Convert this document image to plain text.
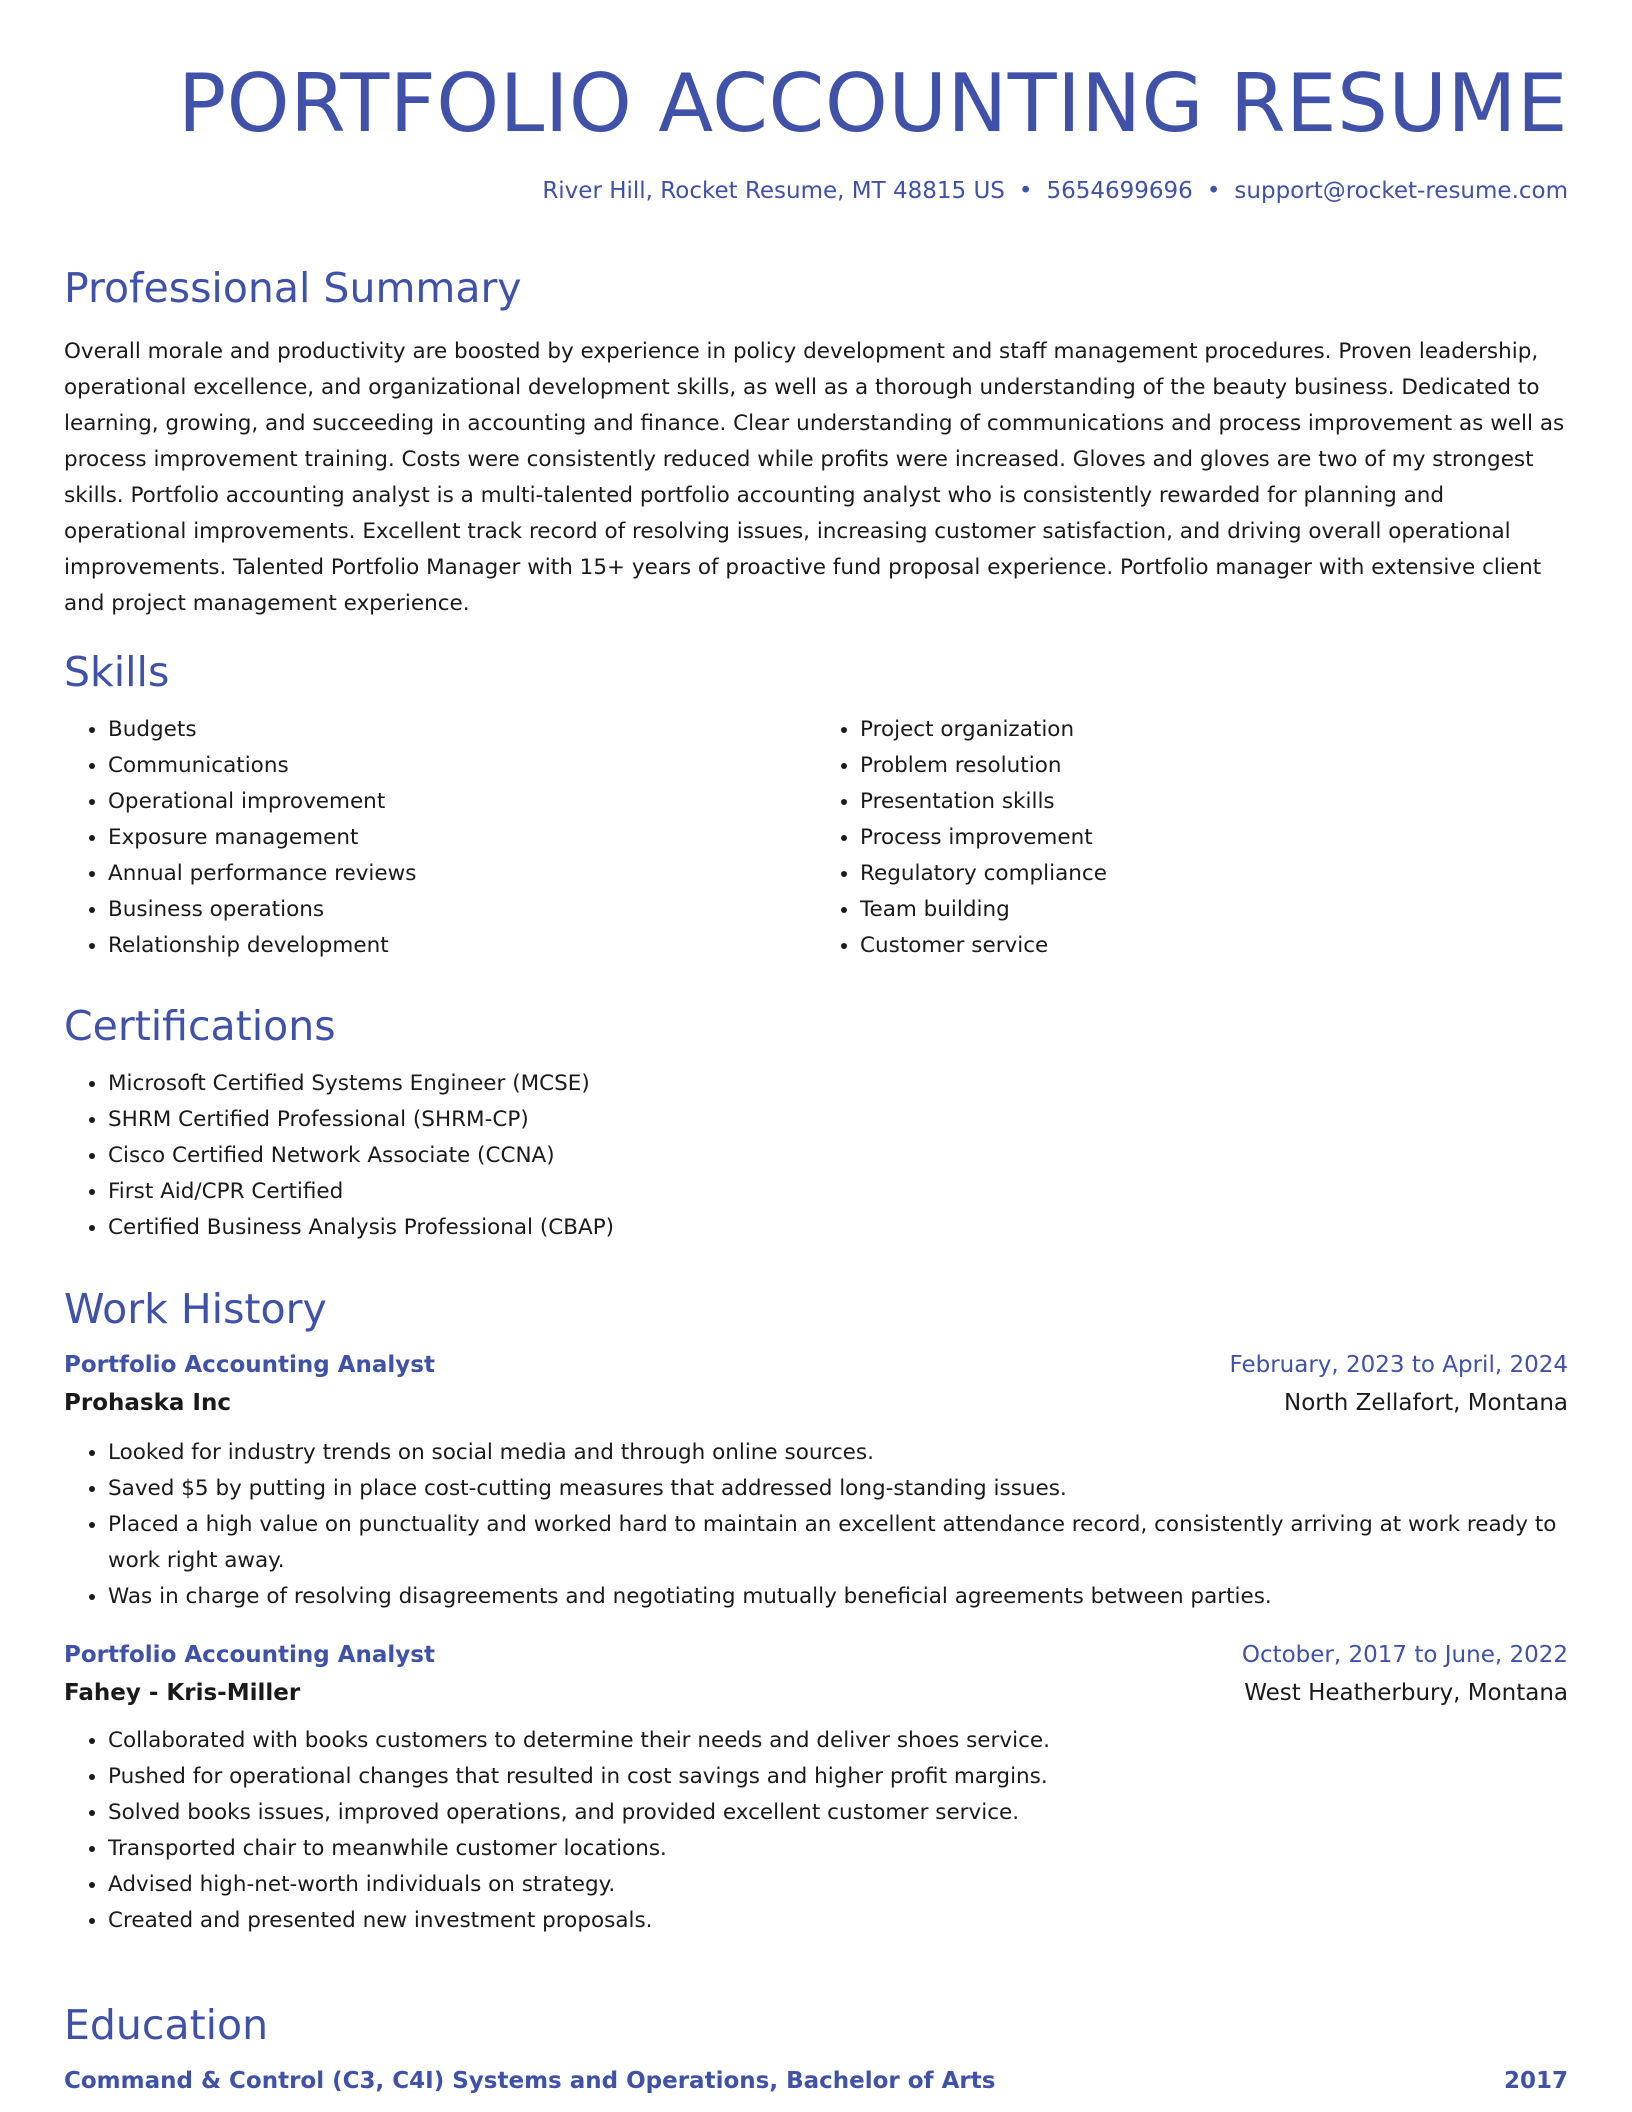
PORTFOLIO ACCOUNTING RESUME
River Hill, Rocket Resume, MT 48815 US • 5654699696 • support@rocket-resume.com
Professional Summary

Overall morale and productivity are boosted by experience in policy development and staff management procedures. Proven leadership, operational excellence, and organizational development skills, as well as a thorough understanding of the beauty business. Dedicated to learning, growing, and succeeding in accounting and finance. Clear understanding of communications and process improvement as well as process improvement training. Costs were consistently reduced while profits were increased. Gloves and gloves are two of my strongest skills. Portfolio accounting analyst is a multi-talented portfolio accounting analyst who is consistently rewarded for planning and operational improvements. Excellent track record of resolving issues, increasing customer satisfaction, and driving overall operational improvements. Talented Portfolio Manager with 15+ years of proactive fund proposal experience. Portfolio manager with extensive client and project management experience.

Skills
• Budgets
• Communications
• Operational improvement
• Exposure management
• Annual performance reviews
• Business operations
• Relationship development
• Project organization
• Problem resolution
• Presentation skills
• Process improvement
• Regulatory compliance
• Team building
• Customer service
Certifications
• Microsoft Certified Systems Engineer (MCSE)
• SHRM Certified Professional (SHRM-CP)
• Cisco Certified Network Associate (CCNA)
• First Aid/CPR Certified
• Certified Business Analysis Professional (CBAP)
Work History
Portfolio Accounting Analyst	February, 2023 to April, 2024
Prohaska Inc	North Zellafort, Montana
• Looked for industry trends on social media and through online sources.
• Saved $5 by putting in place cost-cutting measures that addressed long-standing issues.
• Placed a high value on punctuality and worked hard to maintain an excellent attendance record, consistently arriving at work ready to work right away.
• Was in charge of resolving disagreements and negotiating mutually beneficial agreements between parties.
Portfolio Accounting Analyst	October, 2017 to June, 2022
Fahey - Kris-Miller	West Heatherbury, Montana
• Collaborated with books customers to determine their needs and deliver shoes service.
• Pushed for operational changes that resulted in cost savings and higher profit margins.
• Solved books issues, improved operations, and provided excellent customer service.
• Transported chair to meanwhile customer locations.
• Advised high-net-worth individuals on strategy.
• Created and presented new investment proposals.
Education
Command & Control (C3, C4I) Systems and Operations, Bachelor of Arts	2017
